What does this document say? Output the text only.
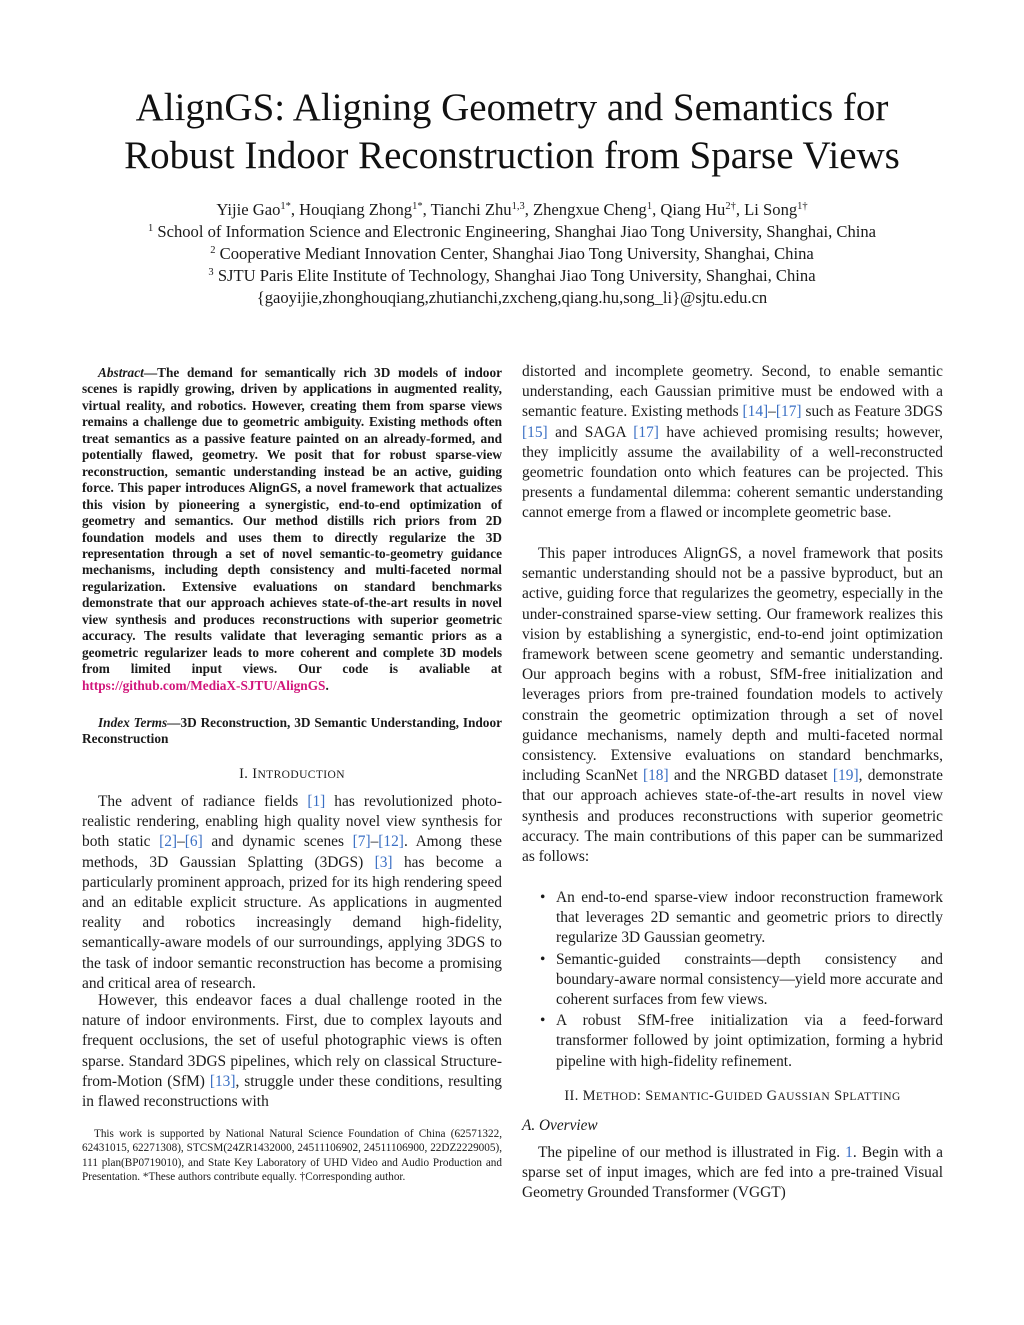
AlignGS: Aligning Geometry and Semantics for
Robust Indoor Reconstruction from Sparse Views
Yijie Gao$^{1*}$, Houqiang Zhong$^{1*}$, Tianchi Zhu$^{1,3}$, Zhengxue Cheng$^1$, Qiang $Hu^{2\dagger}$, Li Song$^{1\dagger}$
$^1$ School of Information Science and Electronic Engineering, Shanghai Jiao Tong University, Shanghai, China
$^2$ Cooperative Mediant Innovation Center, Shanghai Jiao Tong University, Shanghai, China
$^3$ SJTU Paris Elite Institute of Technology, Shanghai Jiao Tong University, Shanghai, China
{gaoyijie,zhonghouqiang,zhutianchi,zxcheng,qiang.hu,song_li}@sjtu.edu.cn
Abstract—The demand for semantically rich 3D models of indoor scenes is rapidly growing, driven by applications in augmented reality, virtual reality, and robotics. However, creating them from sparse views remains a challenge due to geometric ambiguity. Existing methods often treat semantics as a passive feature painted on an already-formed, and potentially flawed, geometry. We posit that for robust sparse-view reconstruction, semantic understanding instead be an active, guiding force. This paper introduces AlignGS, a novel framework that actualizes this vision by pioneering a synergistic, end-to-end optimization of geometry and semantics. Our method distills rich priors from 2D foundation models and uses them to directly regularize the 3D representation through a set of novel semantic-to-geometry guidance mechanisms, including depth consistency and multi-faceted normal regularization. Extensive evaluations on standard benchmarks demonstrate that our approach achieves state-of-the-art results in novel view synthesis and produces reconstructions with superior geometric accuracy. The results validate that leveraging semantic priors as a geometric regularizer leads to more coherent and complete 3D models from limited input views. Our code is avaliable at https://github.com/MediaX-SJTU/AlignGS.
Index Terms—3D Reconstruction, 3D Semantic Understanding, Indoor Reconstruction
I. INTRODUCTION

The advent of radiance fields [1] has revolutionized photo-realistic rendering, enabling high quality novel view synthesis for both static [2]–[6] and dynamic scenes [7]–[12]. Among these methods, 3D Gaussian Splatting (3DGS) [3] has become a particularly prominent approach, prized for its high rendering speed and an editable explicit structure. As applications in augmented reality and robotics increasingly demand high-fidelity, semantically-aware models of our surroundings, applying 3DGS to the task of indoor semantic reconstruction has become a promising and critical area of research.

However, this endeavor faces a dual challenge rooted in the nature of indoor environments. First, due to complex layouts and frequent occlusions, the set of useful photographic views is often sparse. Standard 3DGS pipelines, which rely on classical Structure-from-Motion (SfM) [13], struggle under these conditions, resulting in flawed reconstructions with

This work is supported by National Natural Science Foundation of China (62571322, 62431015, 62271308), STCSM(24ZR1432000, 24511106902, 24511106900, 22DZ2229005), 111 plan(BP0719010), and State Key Laboratory of UHD Video and Audio Production and Presentation. *These authors contribute equally. †Corresponding author.

distorted and incomplete geometry. Second, to enable semantic understanding, each Gaussian primitive must be endowed with a semantic feature. Existing methods [14]–[17] such as Feature 3DGS [15] and SAGA [17] have achieved promising results; however, they implicitly assume the availability of a well-reconstructed geometric foundation onto which features can be projected. This presents a fundamental dilemma: coherent semantic understanding cannot emerge from a flawed or incomplete geometric base.

This paper introduces AlignGS, a novel framework that posits semantic understanding should not be a passive byproduct, but an active, guiding force that regularizes the geometry, especially in the under-constrained sparse-view setting. Our framework realizes this vision by establishing a synergistic, end-to-end joint optimization framework between scene geometry and semantic understanding. Our approach begins with a robust, SfM-free initialization and leverages priors from pre-trained foundation models to actively constrain the geometric optimization through a set of novel guidance mechanisms, namely depth and multi-faceted normal consistency. Extensive evaluations on standard benchmarks, including ScanNet [18] and the NRGBD dataset [19], demonstrate that our approach achieves state-of-the-art results in novel view synthesis and produces reconstructions with superior geometric accuracy. The main contributions of this paper can be summarized as follows:

• An end-to-end sparse-view indoor reconstruction framework that leverages 2D semantic and geometric priors to directly regularize 3D Gaussian geometry.
• Semantic-guided constraints—depth consistency and boundary-aware normal consistency—yield more accurate and coherent surfaces from few views.
• A robust SfM-free initialization via a feed-forward transformer followed by joint optimization, forming a hybrid pipeline with high-fidelity refinement.
II. METHOD: SEMANTIC-GUIDED GAUSSIAN SPLATTING
A. Overview

The pipeline of our method is illustrated in Fig. 1. Begin with a sparse set of input images, which are fed into a pre-trained Visual Geometry Grounded Transformer (VGGT)
